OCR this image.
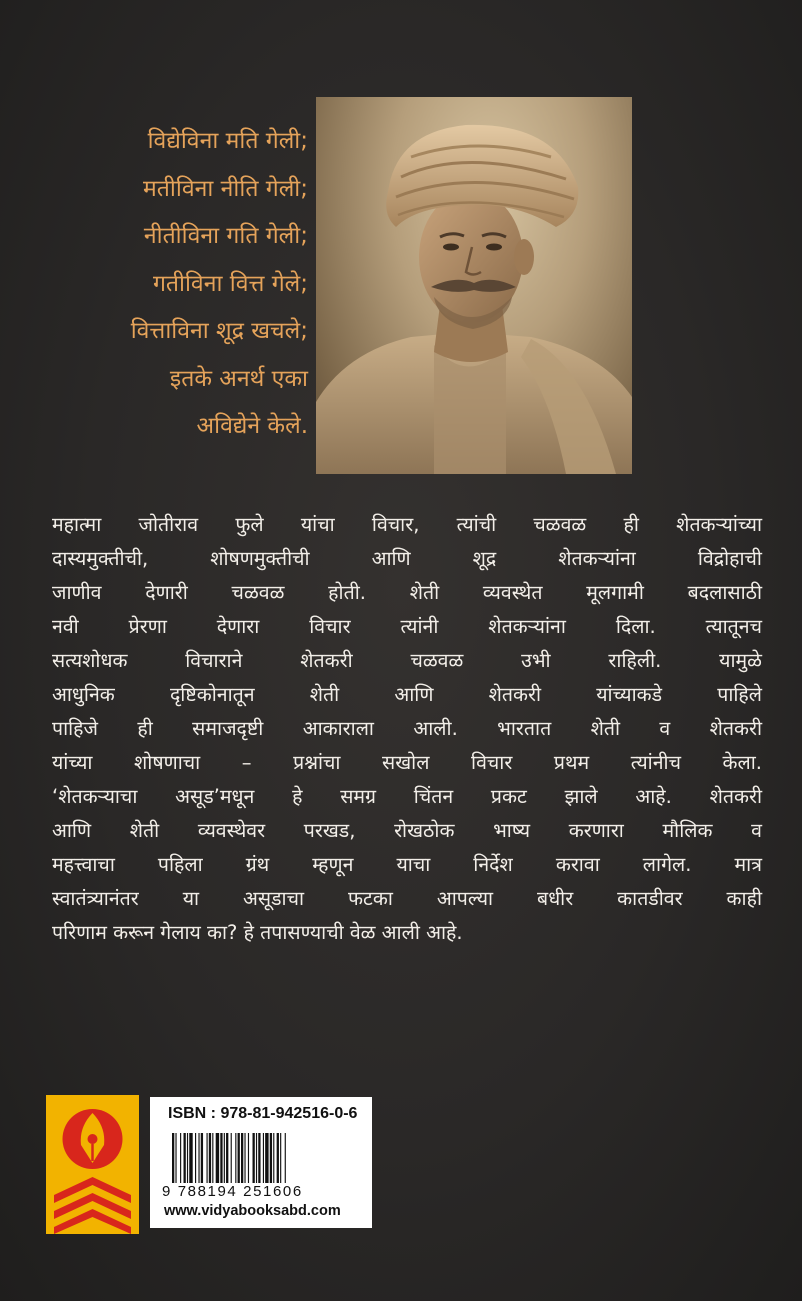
विद्येविना मति गेली;
मतीविना नीति गेली;
नीतीविना गति गेली;
गतीविना वित्त गेले;
वित्ताविना शूद्र खचले;
इतके अनर्थ एका
अविद्येने केले.
महात्मा जोतीराव फुले यांचा विचार, त्यांची चळवळ ही शेतकऱ्यांच्या
दास्यमुक्तीची, शोषणमुक्तीची आणि शूद्र शेतकऱ्यांना विद्रोहाची
जाणीव देणारी चळवळ होती. शेती व्यवस्थेत मूलगामी बदलासाठी
नवी प्रेरणा देणारा विचार त्यांनी शेतकऱ्यांना दिला. त्यातूनच
सत्यशोधक विचाराने शेतकरी चळवळ उभी राहिली. यामुळे
आधुनिक दृष्टिकोनातून शेती आणि शेतकरी यांच्याकडे पाहिले
पाहिजे ही समाजदृष्टी आकाराला आली. भारतात शेती व शेतकरी
यांच्या शोषणाचा – प्रश्नांचा सखोल विचार प्रथम त्यांनीच केला.
‘शेतकऱ्याचा असूड’मधून हे समग्र चिंतन प्रकट झाले आहे. शेतकरी
आणि शेती व्यवस्थेवर परखड, रोखठोक भाष्य करणारा मौलिक व
महत्त्वाचा पहिला ग्रंथ म्हणून याचा निर्देश करावा लागेल. मात्र
स्वातंत्र्यानंतर या असूडाचा फटका आपल्या बधीर कातडीवर काही
परिणाम करून गेलाय का? हे तपासण्याची वेळ आली आहे.
ISBN : 978-81-942516-0-6
9 788194 251606
www.vidyabooksabd.com
